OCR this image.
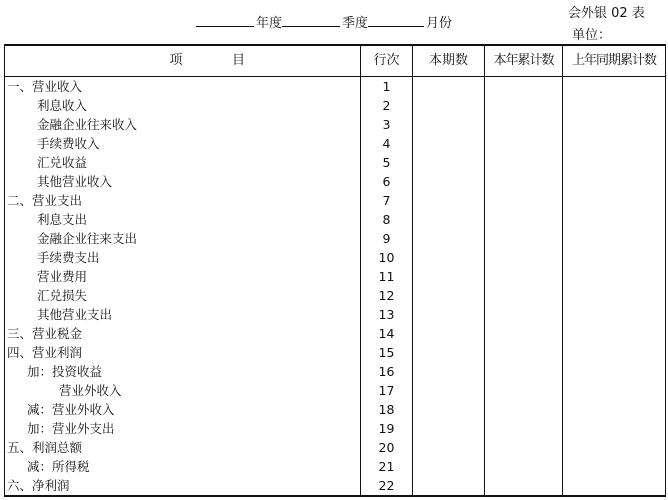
会外银 02 表
单位：
年度	季度	月份
项 目	行次	本期数	本年累计数	上年同期累计数
一、营业收入	1			
利息收入	2			
金融企业往来收入	3			
手续费收入	4			
汇兑收益	5			
其他营业收入	6			
二、营业支出	7			
利息支出	8			
金融企业往来支出	9			
手续费支出	10			
营业费用	11			
汇兑损失	12			
其他营业支出	13			
三、营业税金	14			
四、营业利润	15			
加：投资收益	16			
营业外收入	17			
减：营业外收入	18			
加：营业外支出	19			
五、利润总额	20			
减：所得税	21			
六、净利润	22			
